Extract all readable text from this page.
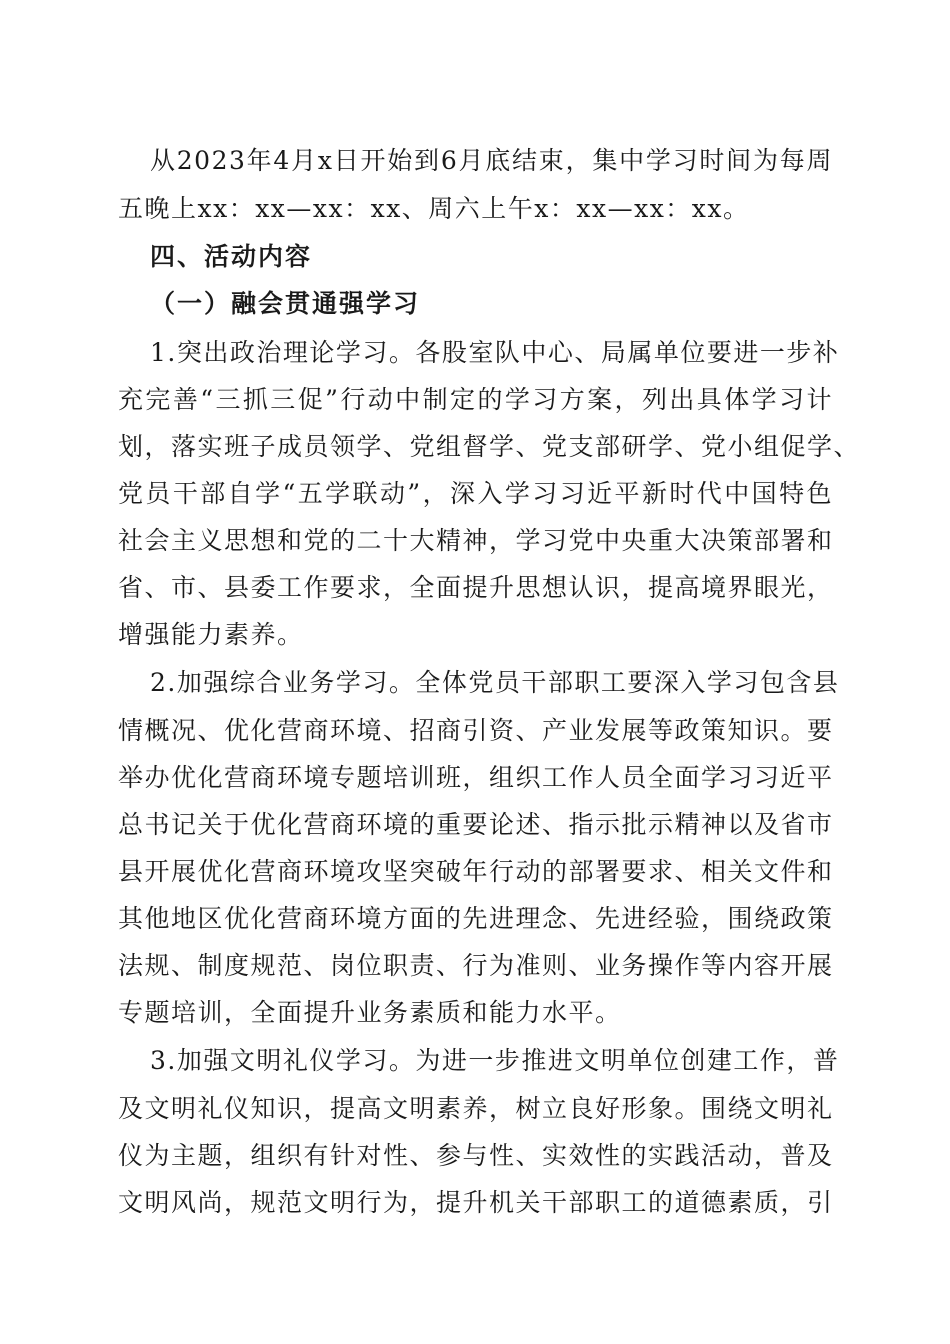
从2023年4月x日开始到6月底结束，集中学习时间为每周
五晚上xx：xx—xx：xx、周六上午x：xx—xx：xx。
四、活动内容
（一）融会贯通强学习
1.突出政治理论学习。各股室队中心、局属单位要进一步补
充完善“三抓三促”行动中制定的学习方案，列出具体学习计
划，落实班子成员领学、党组督学、党支部研学、党小组促学、
党员干部自学“五学联动”，深入学习习近平新时代中国特色
社会主义思想和党的二十大精神，学习党中央重大决策部署和
省、市、县委工作要求，全面提升思想认识，提高境界眼光，
增强能力素养。
2.加强综合业务学习。全体党员干部职工要深入学习包含县
情概况、优化营商环境、招商引资、产业发展等政策知识。要
举办优化营商环境专题培训班，组织工作人员全面学习习近平
总书记关于优化营商环境的重要论述、指示批示精神以及省市
县开展优化营商环境攻坚突破年行动的部署要求、相关文件和
其他地区优化营商环境方面的先进理念、先进经验，围绕政策
法规、制度规范、岗位职责、行为准则、业务操作等内容开展
专题培训，全面提升业务素质和能力水平。
3.加强文明礼仪学习。为进一步推进文明单位创建工作，普
及文明礼仪知识，提高文明素养，树立良好形象。围绕文明礼
仪为主题，组织有针对性、参与性、实效性的实践活动，普及
文明风尚，规范文明行为，提升机关干部职工的道德素质，引
